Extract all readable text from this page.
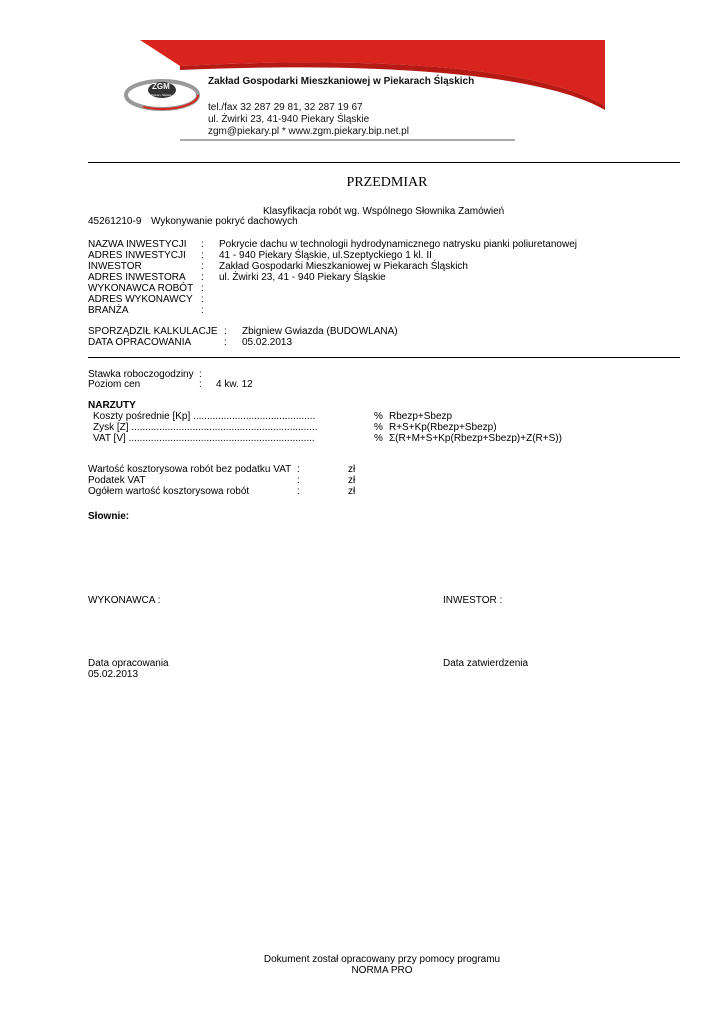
ZGM
Piekary Śląskie
Zakład Gospodarki Mieszkaniowej w Piekarach Śląskich
tel./fax 32 287 29 81, 32 287 19 67
ul. Żwirki 23, 41-940 Piekary Śląskie
zgm@piekary.pl * www.zgm.piekary.bip.net.pl
PRZEDMIAR
Klasyfikacja robót wg. Wspólnego Słownika Zamówień
45261210-9 Wykonywanie pokryć dachowych
NAZWA INWESTYCJI : Pokrycie dachu w technologii hydrodynamicznego natrysku pianki poliuretanowej
ADRES INWESTYCJI : 41 - 940 Piekary Śląskie, ul.Szeptyckiego 1 kl. II
INWESTOR	: Zakład Gospodarki Mieszkaniowej w Piekarach Śląskich
ADRES INWESTORA : ul. Żwirki 23, 41 - 940 Piekary Śląskie
WYKONAWCA ROBÓT :
ADRES WYKONAWCY :
BRANŻA	:
SPORZĄDZIŁ KALKULACJE : Zbigniew Gwiazda (BUDOWLANA)
DATA OPRACOWANIA	: 05.02.2013
Stawka roboczogodziny :
Poziom cen	: 4 kw. 12
NARZUTY
Koszty pośrednie [Kp] ............................................	% Rbezp+Sbezp
Zysk [Z] ...................................................................	% R+S+Kp(Rbezp+Sbezp)
VAT [V] ...................................................................	% Σ(R+M+S+Kp(Rbezp+Sbezp)+Z(R+S))
Wartość kosztorysowa robót bez podatku VAT :	zł
Podatek VAT	:	zł
Ogółem wartość kosztorysowa robót	:	zł
Słownie:
WYKONAWCA :	INWESTOR :
Data opracowania
05.02.2013
Data zatwierdzenia
Dokument został opracowany przy pomocy programu
NORMA PRO
